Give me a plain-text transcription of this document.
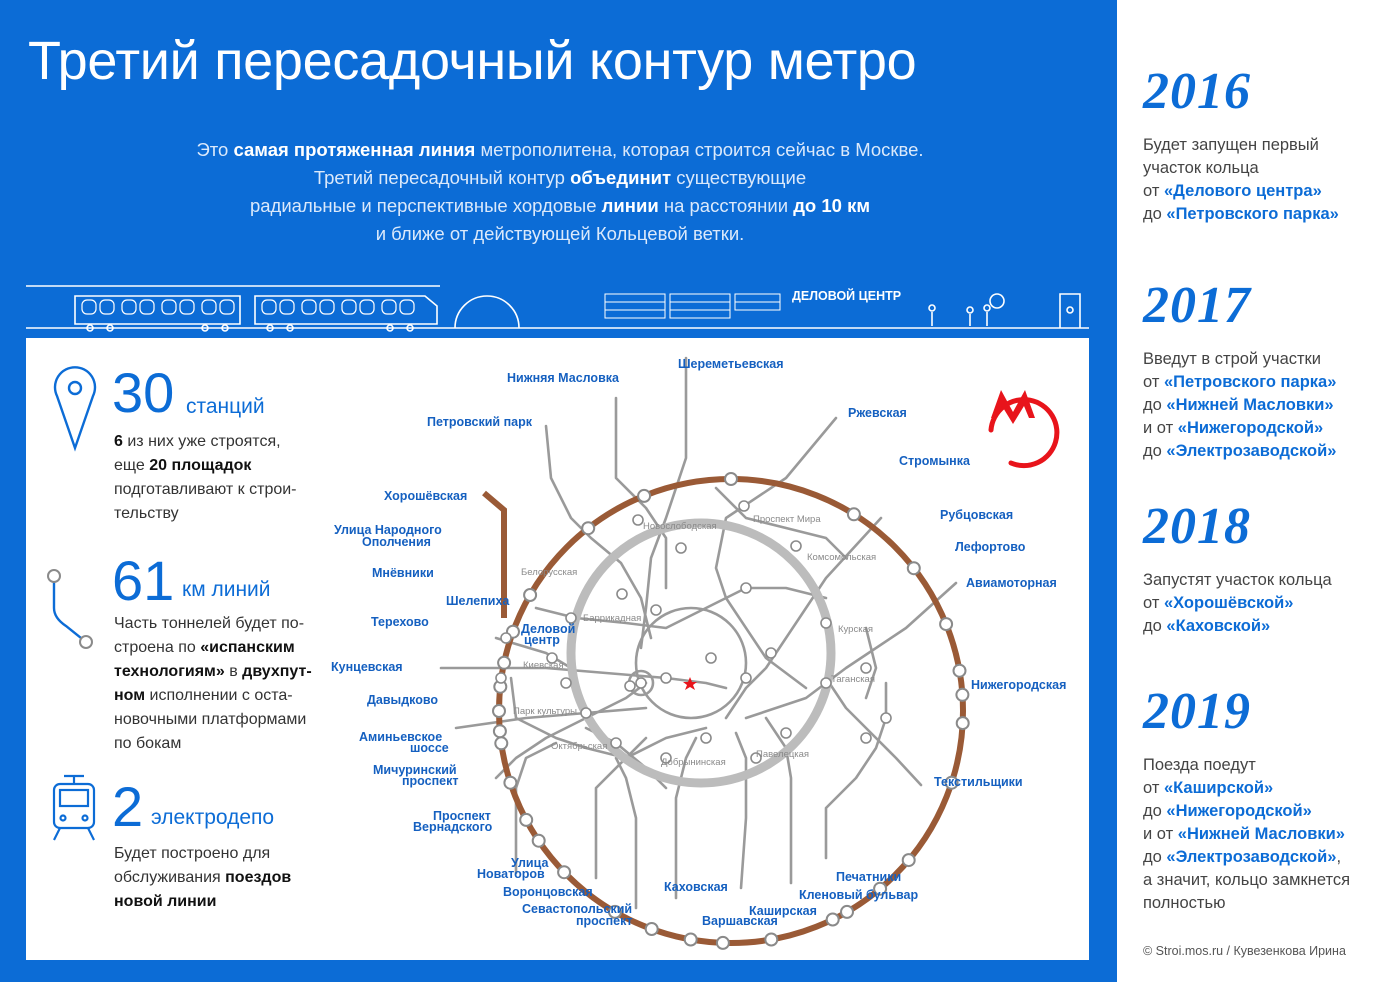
Третий пересадочный контур метро
Это самая протяженная линия метрополитена, которая строится сейчас в Москве.
Третий пересадочный контур объединит существующие
радиальные и перспективные хордовые линии на расстоянии до 10 км
и ближе от действующей Кольцевой ветки.
ДЕЛОВОЙ ЦЕНТР
30 станций
6 из них уже строятся,
еще 20 площадок
подготавливают к строи-
тельству
61 км линий
Часть тоннелей будет по-
строена по «испанским
технологиям» в двухпут-
ном исполнении с оста-
новочными платформами
по бокам
2 электродепо
Будет построено для
обслуживания поездов
новой линии
Шереметьевская
Нижняя Масловка
Ржевская
Петровский парк
Стромынка
Хорошёвская
Рубцовская
Улица Народного
Ополчения	Лефортово
Мнёвники
Авиамоторная
Шелепиха
Терехово	Деловой
центр
Кунцевская
Нижегородская
Давыдково
Аминьевское
шоссе
Мичуринский
проспект	Текстильщики
Проспект
Вернадского
Улица
Новаторов	Печатники
Воронцовская	Кленовый бульвар
Каховская
Севастопольский
проспект
Каширская
Варшавская
Новослободская
Проспект Мира
Белорусская
Комсомольская
Баррикадная
Курская
Киевская
Таганская
Парк культуры
Октябрьская
Добрынинская
Павелецкая
2016
Будет запущен первый
участок кольца
от «Делового центра»
до «Петровского парка»
2017
Введут в строй участки
от «Петровского парка»
до «Нижней Масловки»
и от «Нижегородской»
до «Электрозаводской»
2018
Запустят участок кольца
от «Хорошёвской»
до «Каховской»
2019
Поезда поедут
от «Каширской»
до «Нижегородской»
и от «Нижней Масловки»
до «Электрозаводской»,
а значит, кольцо замкнется
полностью
© Stroi.mos.ru / Кувезенкова Ирина
